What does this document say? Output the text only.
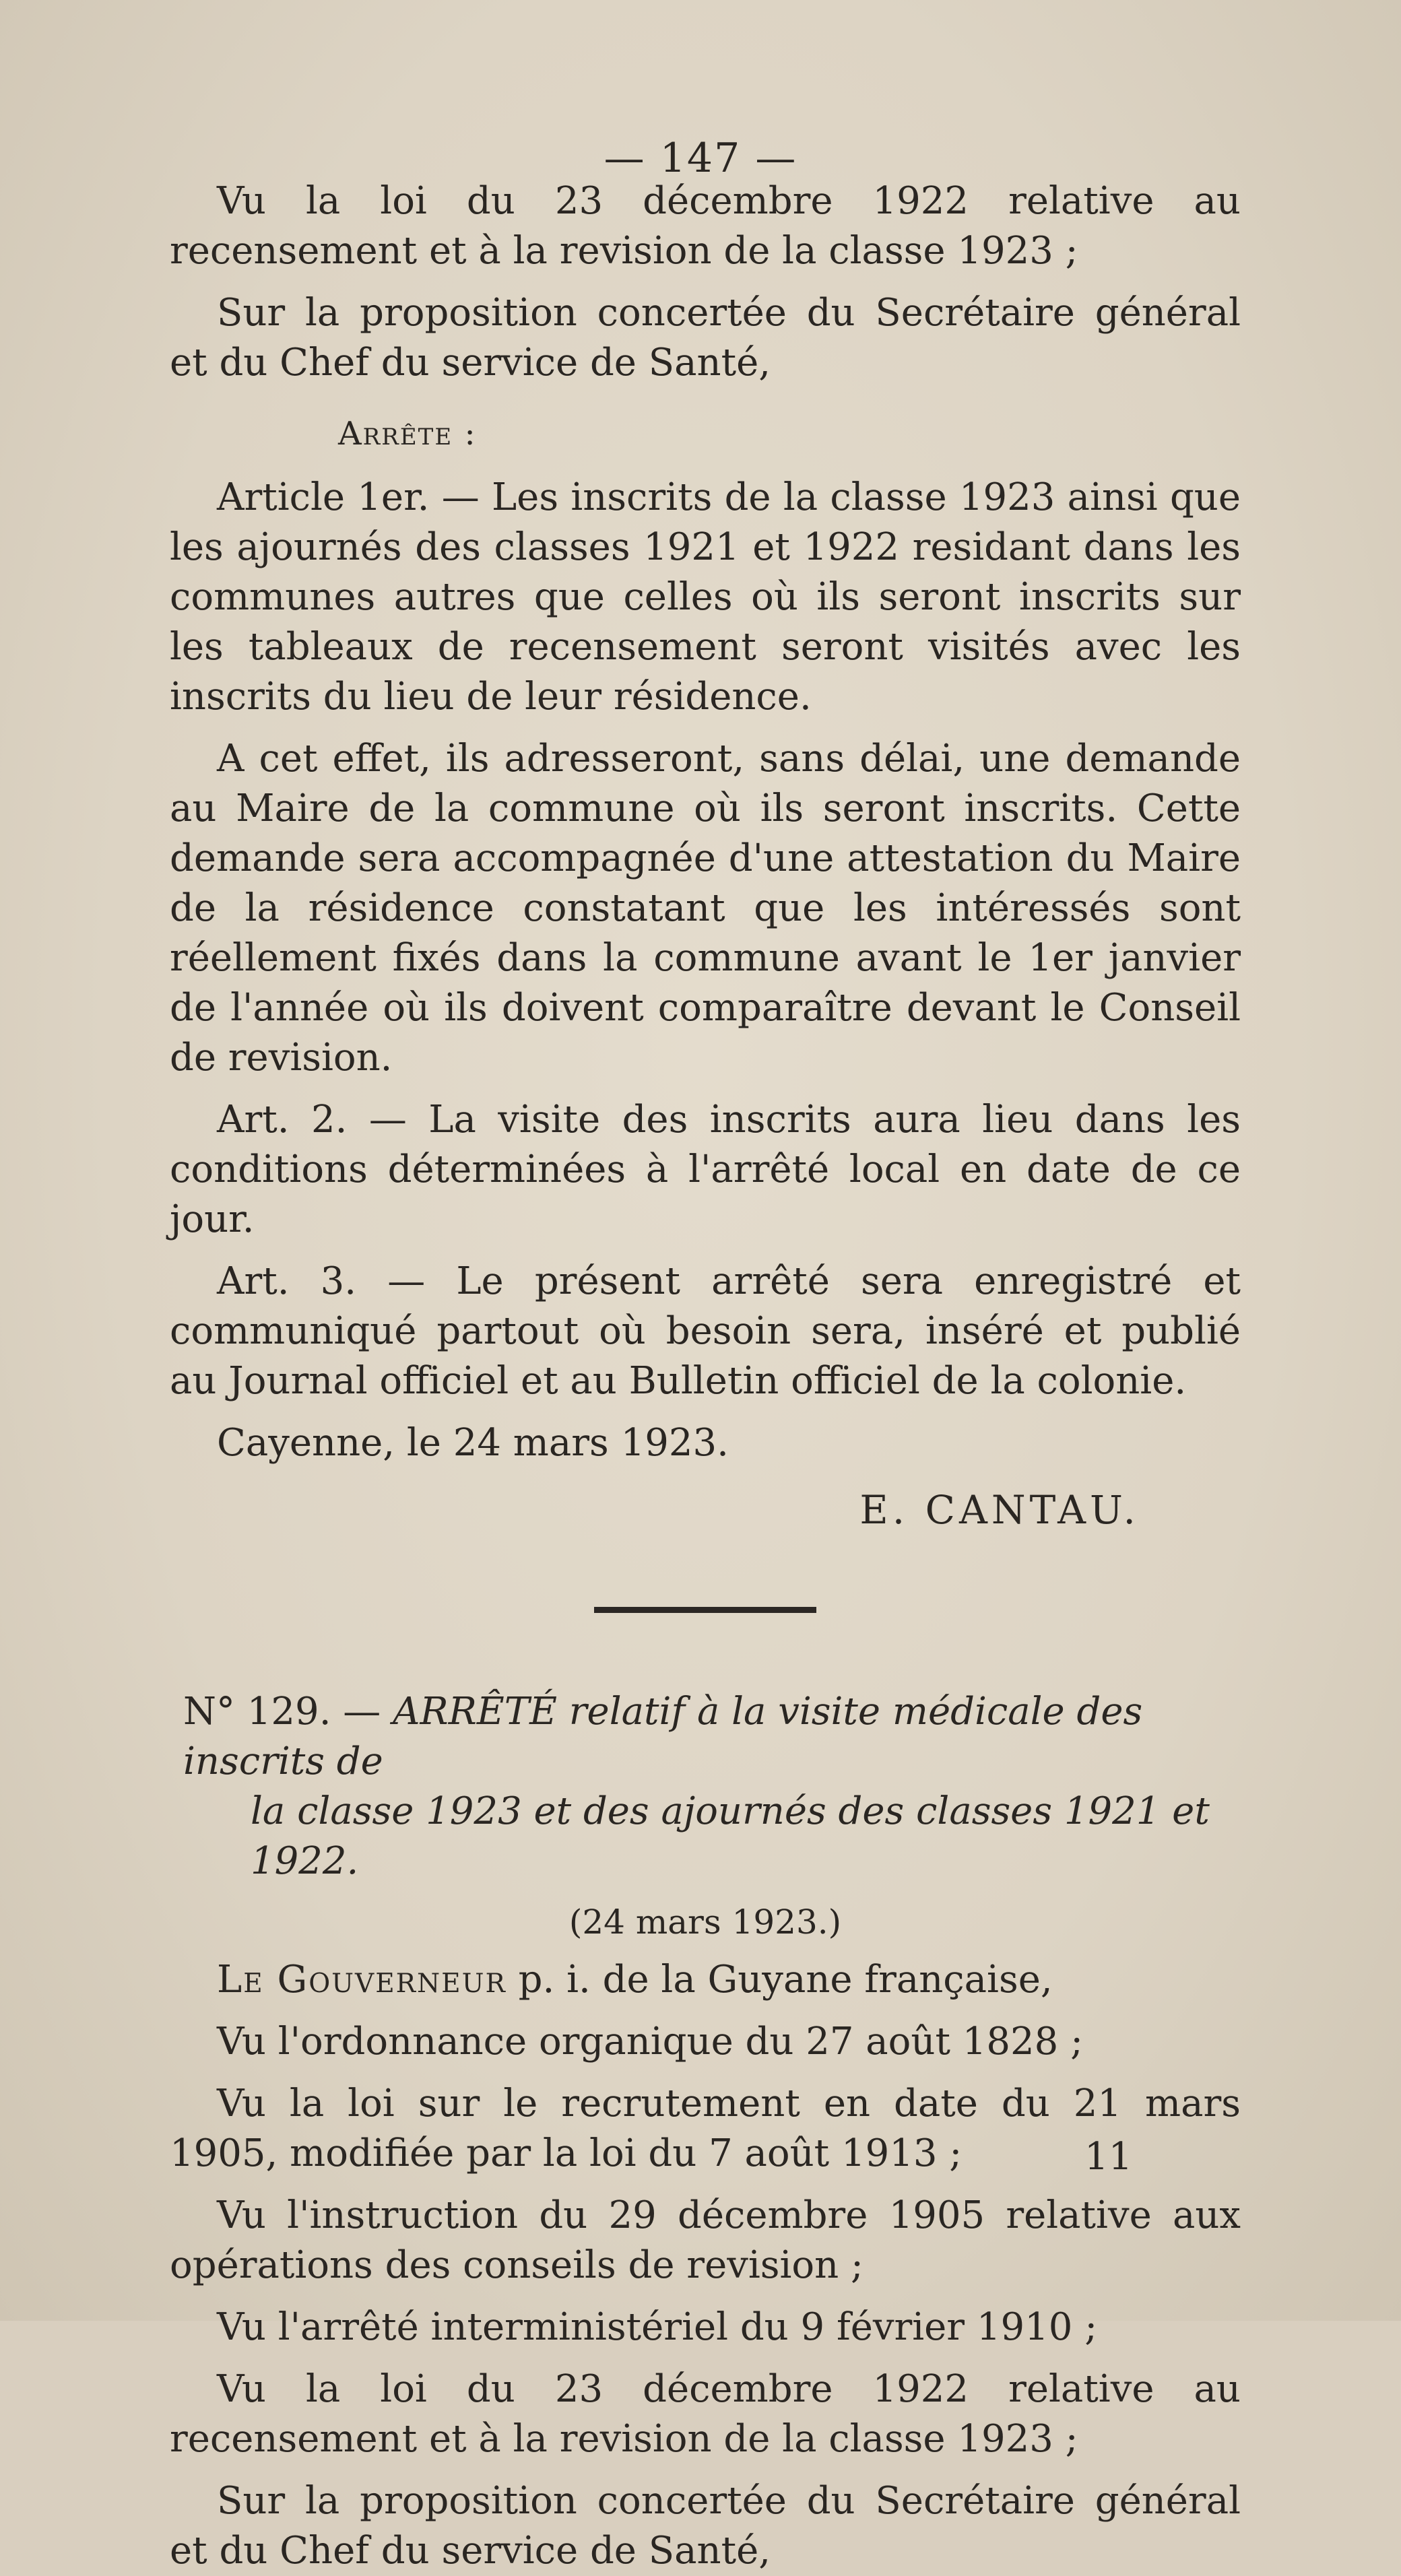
— 147 —

Vu la loi du 23 décembre 1922 relative au recensement et à la revision de la classe 1923 ;

Sur la proposition concertée du Secrétaire général et du Chef du service de Santé,

Arrête :

Article 1er. — Les inscrits de la classe 1923 ainsi que les ajournés des classes 1921 et 1922 residant dans les communes autres que celles où ils seront inscrits sur les tableaux de recensement seront visités avec les inscrits du lieu de leur résidence.

A cet effet, ils adresseront, sans délai, une demande au Maire de la commune où ils seront inscrits. Cette demande sera accompagnée d'une attestation du Maire de la résidence constatant que les intéressés sont réellement fixés dans la commune avant le 1er janvier de l'année où ils doivent comparaître devant le Conseil de revision.

Art. 2. — La visite des inscrits aura lieu dans les conditions déterminées à l'arrêté local en date de ce jour.

Art. 3. — Le présent arrêté sera enregistré et communiqué partout où besoin sera, inséré et publié au Journal officiel et au Bulletin officiel de la colonie.

Cayenne, le 24 mars 1923.

E. CANTAU.
N° 129. — ARRÊTÉ relatif à la visite médicale des inscrits de
la classe 1923 et des ajournés des classes 1921 et 1922.
(24 mars 1923.)

Le Gouverneur p. i. de la Guyane française,

Vu l'ordonnance organique du 27 août 1828 ;

Vu la loi sur le recrutement en date du 21 mars 1905, modifiée par la loi du 7 août 1913 ;

Vu l'instruction du 29 décembre 1905 relative aux opérations des conseils de revision ;

Vu l'arrêté interministériel du 9 février 1910 ;

Vu la loi du 23 décembre 1922 relative au recensement et à la revision de la classe 1923 ;

Sur la proposition concertée du Secrétaire général et du Chef du service de Santé,

11
